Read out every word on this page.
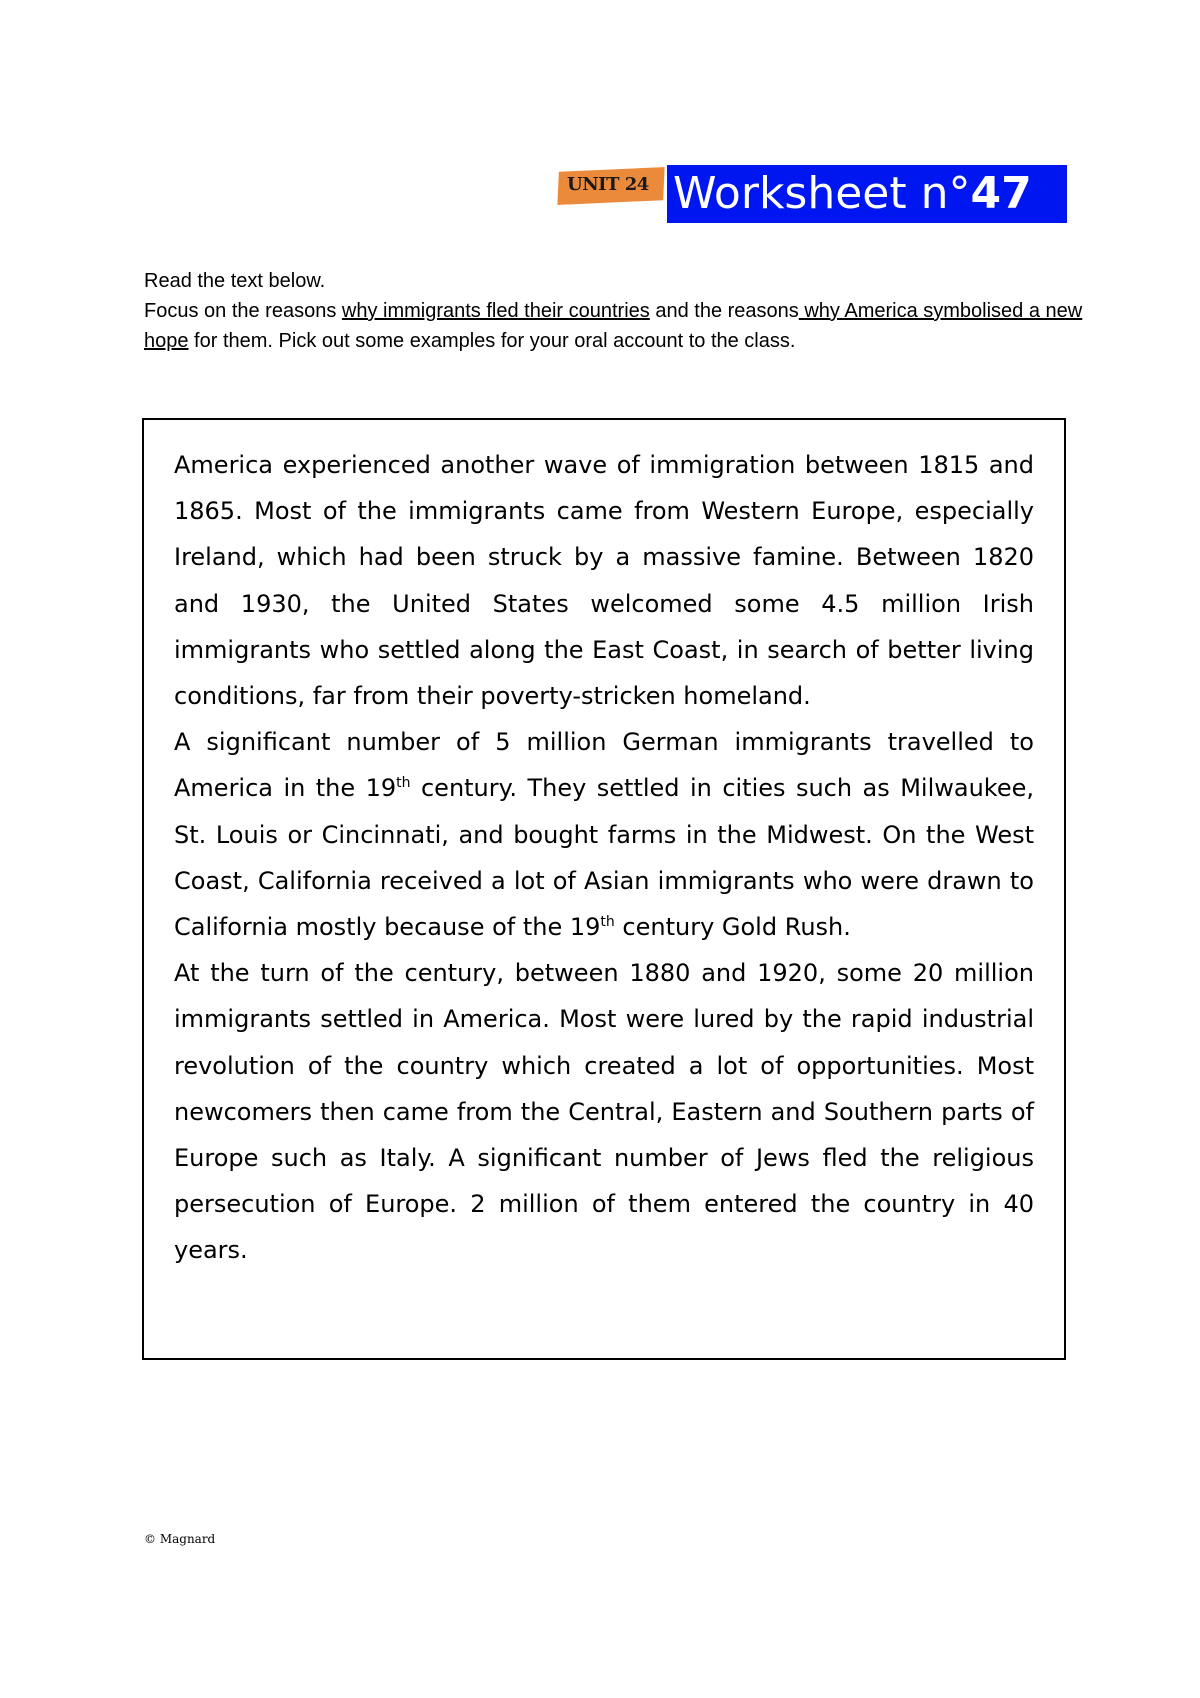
UNIT 24 Worksheet n°47

Read the text below.

Focus on the reasons why immigrants fled their countries and the reasons why America symbolised a new hope for them. Pick out some examples for your oral account to the class.

America experienced another wave of immigration between 1815 and 1865. Most of the immigrants came from Western Europe, especially Ireland, which had been struck by a massive famine. Between 1820 and 1930, the United States welcomed some 4.5 million Irish immigrants who settled along the East Coast, in search of better living conditions, far from their poverty-stricken homeland.

A significant number of 5 million German immigrants travelled to America in the 19th century. They settled in cities such as Milwaukee, St. Louis or Cincinnati, and bought farms in the Midwest. On the West Coast, California received a lot of Asian immigrants who were drawn to California mostly because of the 19th century Gold Rush.

At the turn of the century, between 1880 and 1920, some 20 million immigrants settled in America. Most were lured by the rapid industrial revolution of the country which created a lot of opportunities. Most newcomers then came from the Central, Eastern and Southern parts of Europe such as Italy. A significant number of Jews fled the religious persecution of Europe. 2 million of them entered the country in 40 years.

© Magnard
